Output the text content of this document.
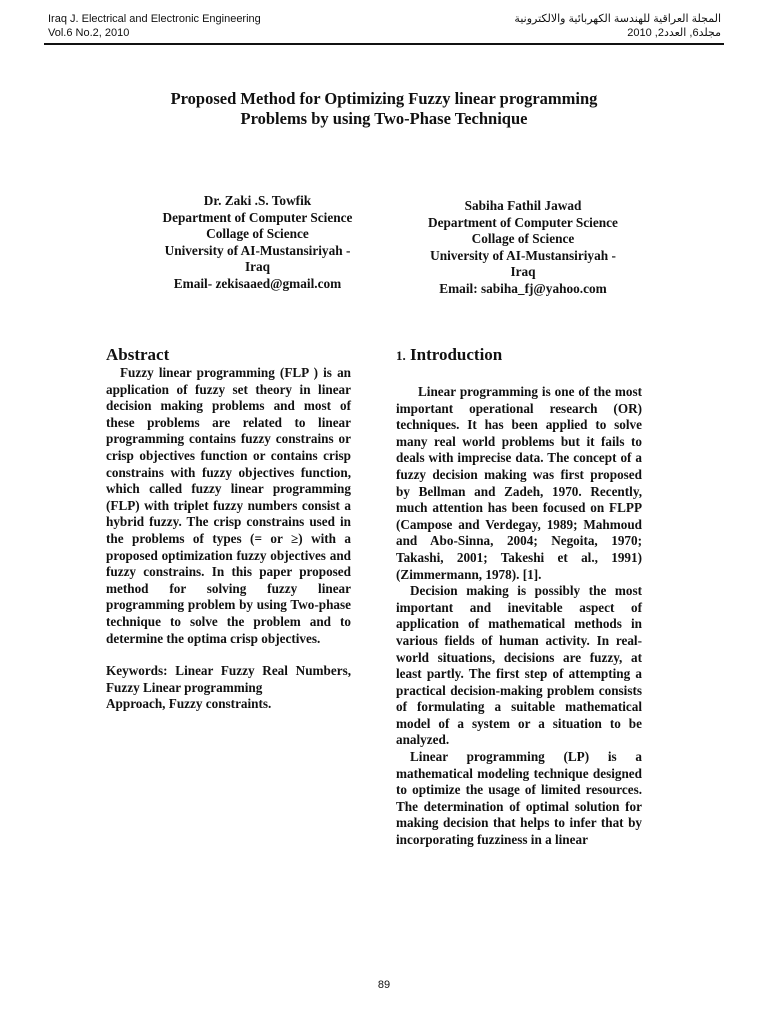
Iraq J. Electrical and Electronic Engineering
Vol.6 No.2, 2010
المجلة العراقية للهندسة الكهربائية والالكترونية
مجلد6, العدد2, 2010
Proposed Method for Optimizing Fuzzy linear programming
Problems by using Two-Phase Technique
Dr. Zaki .S. Towfik
Department of Computer Science
Collage of Science
University of AI-Mustansiriyah -
Iraq
Email- zekisaaed@gmail.com
Sabiha Fathil Jawad
Department of Computer Science
Collage of Science
University of AI-Mustansiriyah -
Iraq
Email: sabiha_fj@yahoo.com
Abstract

Fuzzy linear programming (FLP ) is an application of fuzzy set theory in linear decision making problems and most of these problems are related to linear programming contains fuzzy constrains or crisp objectives function or contains crisp constrains with fuzzy objectives function, which called fuzzy linear programming (FLP) with triplet fuzzy numbers consist a hybrid fuzzy. The crisp constrains used in the problems of types (= or ≥) with a proposed optimization fuzzy objectives and fuzzy constrains. In this paper proposed method for solving fuzzy linear programming problem by using Two-phase technique to solve the problem and to determine the optima crisp objectives.

Keywords: Linear Fuzzy Real Numbers, Fuzzy Linear programming

Approach, Fuzzy constraints.

1. Introduction

Linear programming is one of the most important operational research (OR) techniques. It has been applied to solve many real world problems but it fails to deals with imprecise data. The concept of a fuzzy decision making was first proposed by Bellman and Zadeh, 1970. Recently, much attention has been focused on FLPP (Campose and Verdegay, 1989; Mahmoud and Abo-Sinna, 2004; Negoita, 1970; Takashi, 2001; Takeshi et al., 1991) (Zimmermann, 1978). [1].

Decision making is possibly the most important and inevitable aspect of application of mathematical methods in various fields of human activity. In real-world situations, decisions are fuzzy, at least partly. The first step of attempting a practical decision-making problem consists of formulating a suitable mathematical model of a system or a situation to be analyzed.

Linear programming (LP) is a mathematical modeling technique designed to optimize the usage of limited resources. The determination of optimal solution for making decision that helps to infer that by incorporating fuzziness in a linear

89
